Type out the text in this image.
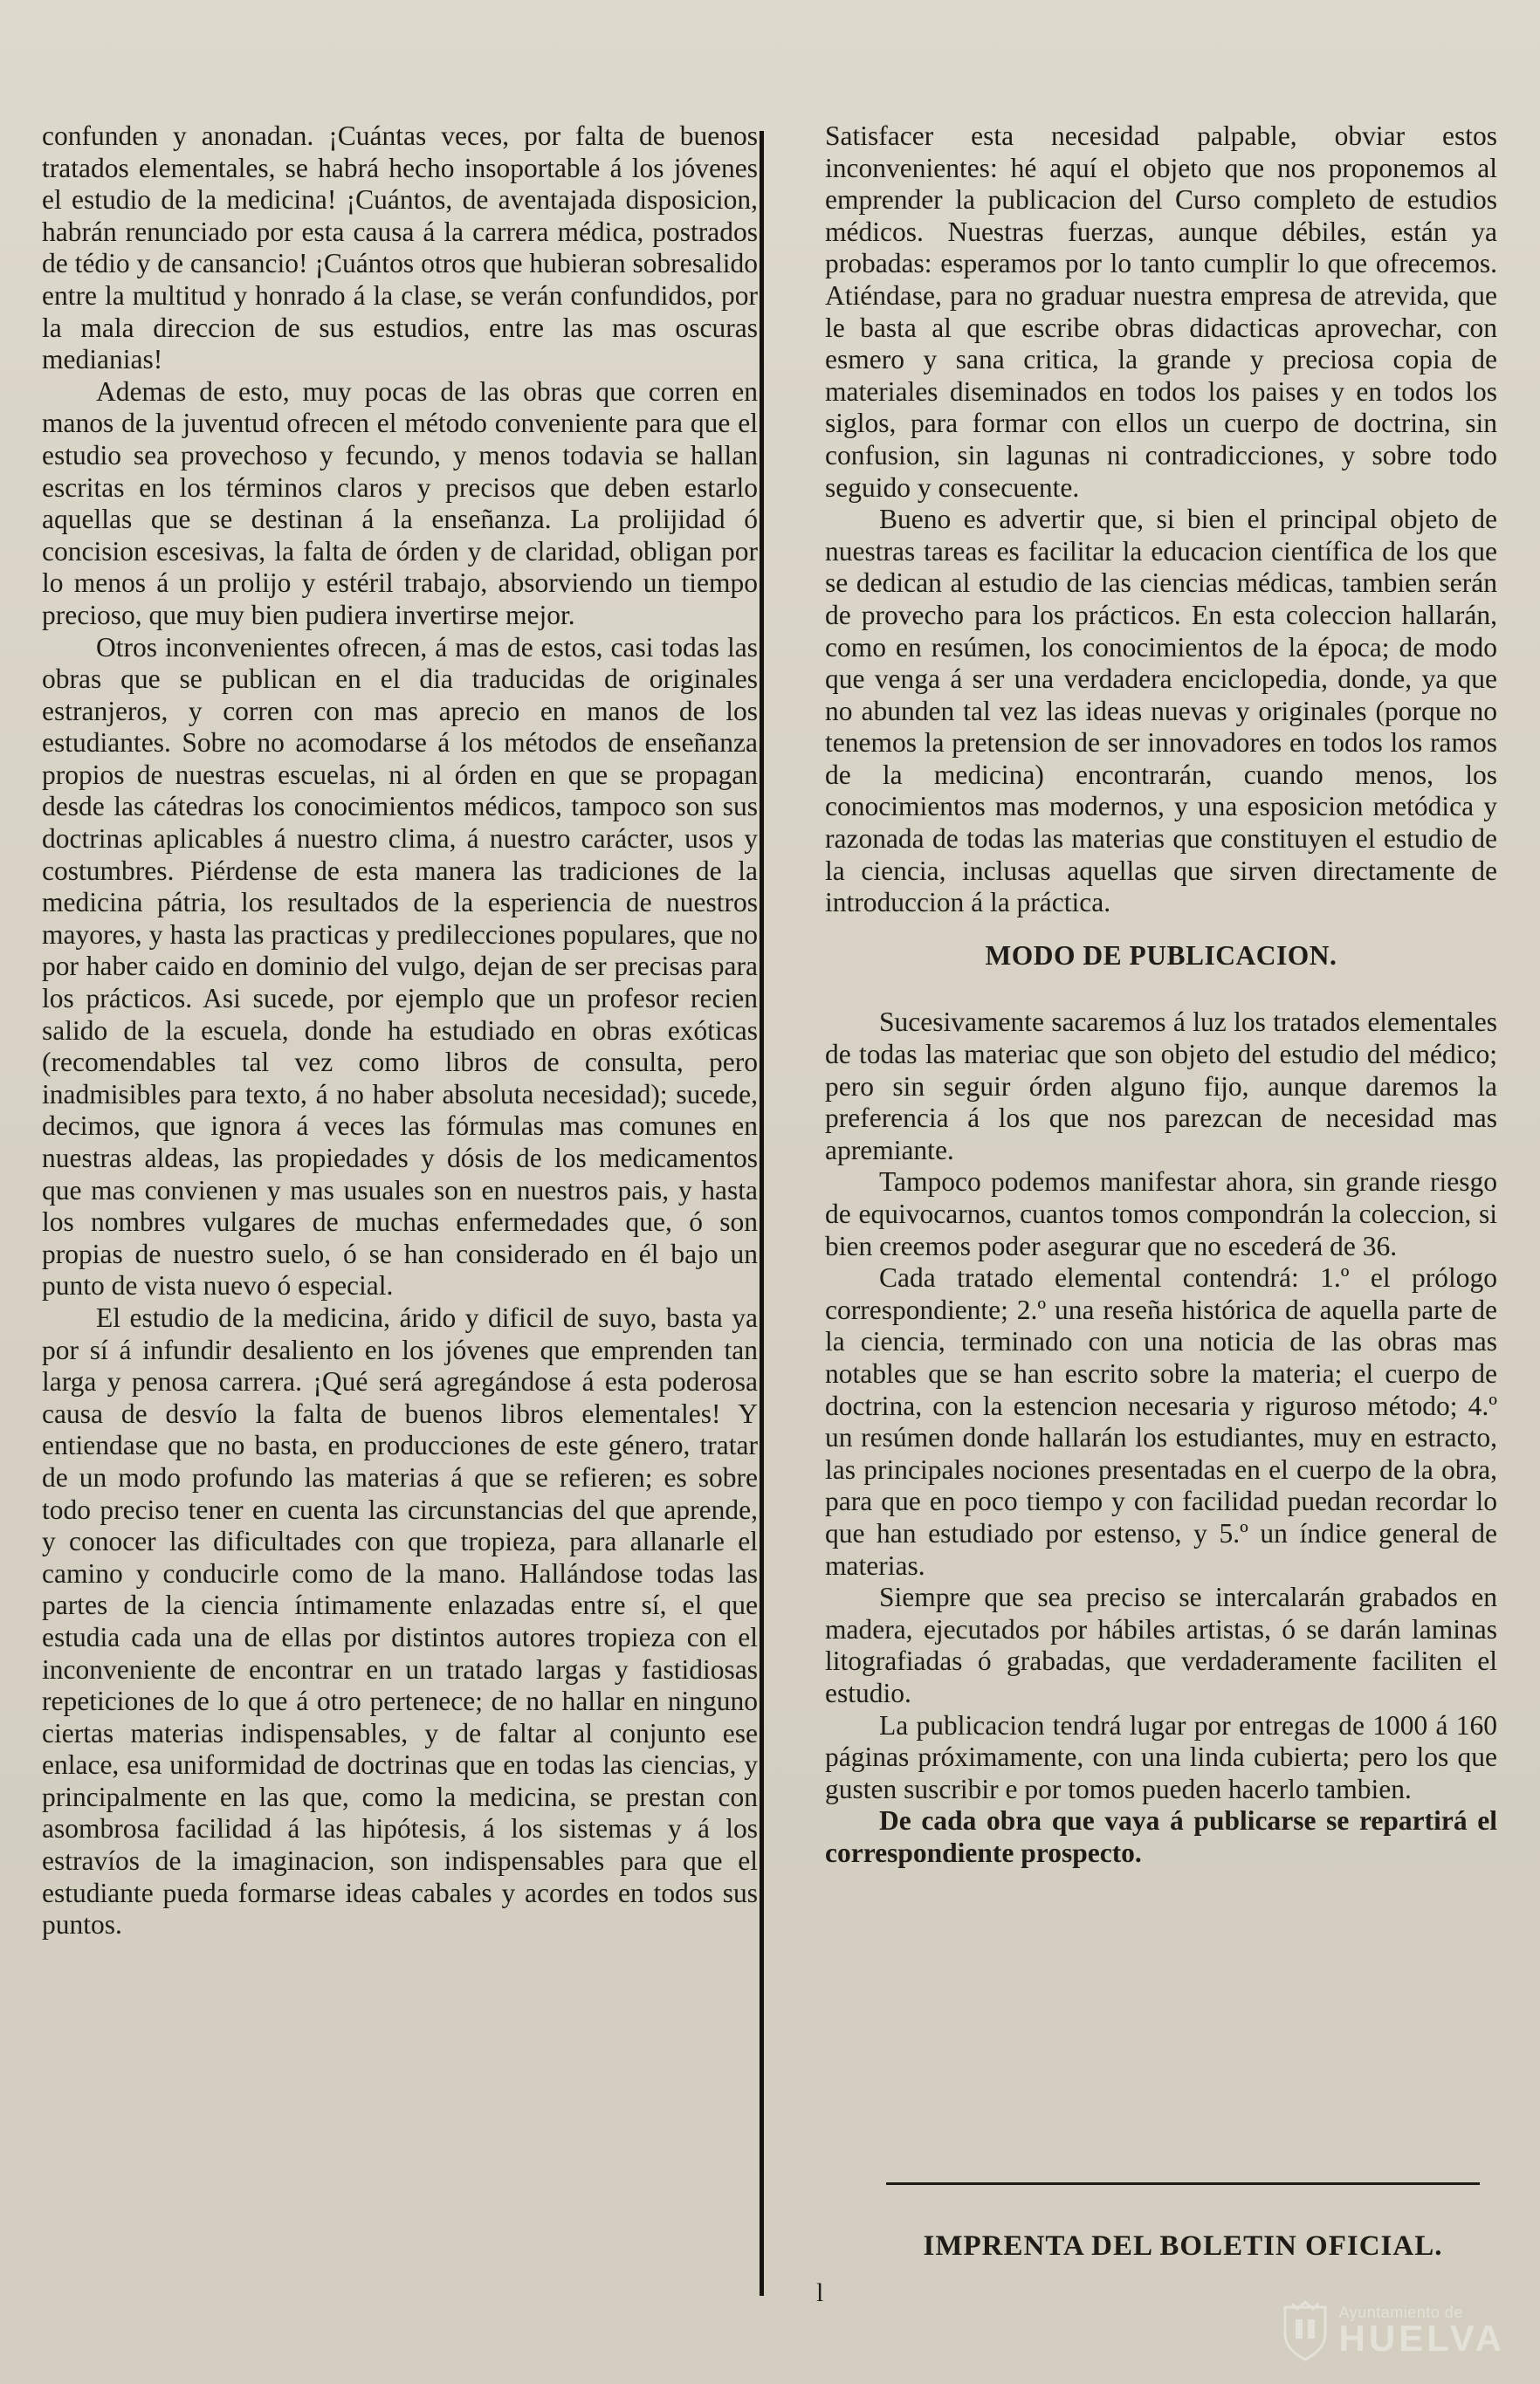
confunden y anonadan. ¡Cuántas veces, por falta de buenos tratados elementales, se habrá hecho insoportable á los jóvenes el estudio de la medicina! ¡Cuántos, de aventajada disposicion, habrán renunciado por esta causa á la carrera médica, postrados de tédio y de cansancio! ¡Cuántos otros que hubieran sobresalido entre la multitud y honrado á la clase, se verán confundidos, por la mala direccion de sus estudios, entre las mas oscuras medianias!

Ademas de esto, muy pocas de las obras que corren en manos de la juventud ofrecen el método conveniente para que el estudio sea provechoso y fecundo, y menos todavia se hallan escritas en los términos claros y precisos que deben estarlo aquellas que se destinan á la enseñanza. La prolijidad ó concision escesivas, la falta de órden y de claridad, obligan por lo menos á un prolijo y estéril trabajo, absorviendo un tiempo precioso, que muy bien pudiera invertirse mejor.

Otros inconvenientes ofrecen, á mas de estos, casi todas las obras que se publican en el dia traducidas de originales estranjeros, y corren con mas aprecio en manos de los estudiantes. Sobre no acomodarse á los métodos de enseñanza propios de nuestras escuelas, ni al órden en que se propagan desde las cátedras los conocimientos médicos, tampoco son sus doctrinas aplicables á nuestro clima, á nuestro carácter, usos y costumbres. Piérdense de esta manera las tradiciones de la medicina pátria, los resultados de la esperiencia de nuestros mayores, y hasta las practicas y predilecciones populares, que no por haber caido en dominio del vulgo, dejan de ser precisas para los prácticos. Asi sucede, por ejemplo que un profesor recien salido de la escuela, donde ha estudiado en obras exóticas (recomendables tal vez como libros de consulta, pero inadmisibles para texto, á no haber absoluta necesidad); sucede, decimos, que ignora á veces las fórmulas mas comunes en nuestras aldeas, las propiedades y dósis de los medicamentos que mas convienen y mas usuales son en nuestros pais, y hasta los nombres vulgares de muchas enfermedades que, ó son propias de nuestro suelo, ó se han considerado en él bajo un punto de vista nuevo ó especial.

El estudio de la medicina, árido y dificil de suyo, basta ya por sí á infundir desaliento en los jóvenes que emprenden tan larga y penosa carrera. ¡Qué será agregándose á esta poderosa causa de desvío la falta de buenos libros elementales! Y entiendase que no basta, en producciones de este género, tratar de un modo profundo las materias á que se refieren; es sobre todo preciso tener en cuenta las circunstancias del que aprende, y conocer las dificultades con que tropieza, para allanarle el camino y conducirle como de la mano. Hallándose todas las partes de la ciencia íntimamente enlazadas entre sí, el que estudia cada una de ellas por distintos autores tropieza con el inconveniente de encontrar en un tratado largas y fastidiosas repeticiones de lo que á otro pertenece; de no hallar en ninguno ciertas materias indispensables, y de faltar al conjunto ese enlace, esa uniformidad de doctrinas que en todas las ciencias, y principalmente en las que, como la medicina, se prestan con asombrosa facilidad á las hipótesis, á los sistemas y á los estravíos de la imaginacion, son indispensables para que el estudiante pueda formarse ideas cabales y acordes en todos sus puntos.

Satisfacer esta necesidad palpable, obviar estos inconvenientes: hé aquí el objeto que nos proponemos al emprender la publicacion del Curso completo de estudios médicos. Nuestras fuerzas, aunque débiles, están ya probadas: esperamos por lo tanto cumplir lo que ofrecemos. Atiéndase, para no graduar nuestra empresa de atrevida, que le basta al que escribe obras didacticas aprovechar, con esmero y sana critica, la grande y preciosa copia de materiales diseminados en todos los paises y en todos los siglos, para formar con ellos un cuerpo de doctrina, sin confusion, sin lagunas ni contradicciones, y sobre todo seguido y consecuente.

Bueno es advertir que, si bien el principal objeto de nuestras tareas es facilitar la educacion científica de los que se dedican al estudio de las ciencias médicas, tambien serán de provecho para los prácticos. En esta coleccion hallarán, como en resúmen, los conocimientos de la época; de modo que venga á ser una verdadera enciclopedia, donde, ya que no abunden tal vez las ideas nuevas y originales (porque no tenemos la pretension de ser innovadores en todos los ramos de la medicina) encontrarán, cuando menos, los conocimientos mas modernos, y una esposicion metódica y razonada de todas las materias que constituyen el estudio de la ciencia, inclusas aquellas que sirven directamente de introduccion á la práctica.

MODO DE PUBLICACION.

Sucesivamente sacaremos á luz los tratados elementales de todas las materiac que son objeto del estudio del médico; pero sin seguir órden alguno fijo, aunque daremos la preferencia á los que nos parezcan de necesidad mas apremiante.

Tampoco podemos manifestar ahora, sin grande riesgo de equivocarnos, cuantos tomos compondrán la coleccion, si bien creemos poder asegurar que no escederá de 36.

Cada tratado elemental contendrá: 1.º el prólogo correspondiente; 2.º una reseña histórica de aquella parte de la ciencia, terminado con una noticia de las obras mas notables que se han escrito sobre la materia; el cuerpo de doctrina, con la estencion necesaria y riguroso método; 4.º un resúmen donde hallarán los estudiantes, muy en estracto, las principales nociones presentadas en el cuerpo de la obra, para que en poco tiempo y con facilidad puedan recordar lo que han estudiado por estenso, y 5.º un índice general de materias.

Siempre que sea preciso se intercalarán grabados en madera, ejecutados por hábiles artistas, ó se darán laminas litografiadas ó grabadas, que verdaderamente faciliten el estudio.

La publicacion tendrá lugar por entregas de 1000 á 160 páginas próximamente, con una linda cubierta; pero los que gusten suscribir e por tomos pueden hacerlo tambien.

De cada obra que vaya á publicarse se repartirá el correspondiente prospecto.

IMPRENTA DEL BOLETIN OFICIAL.
l
Ayuntamiento de
HUELVA
